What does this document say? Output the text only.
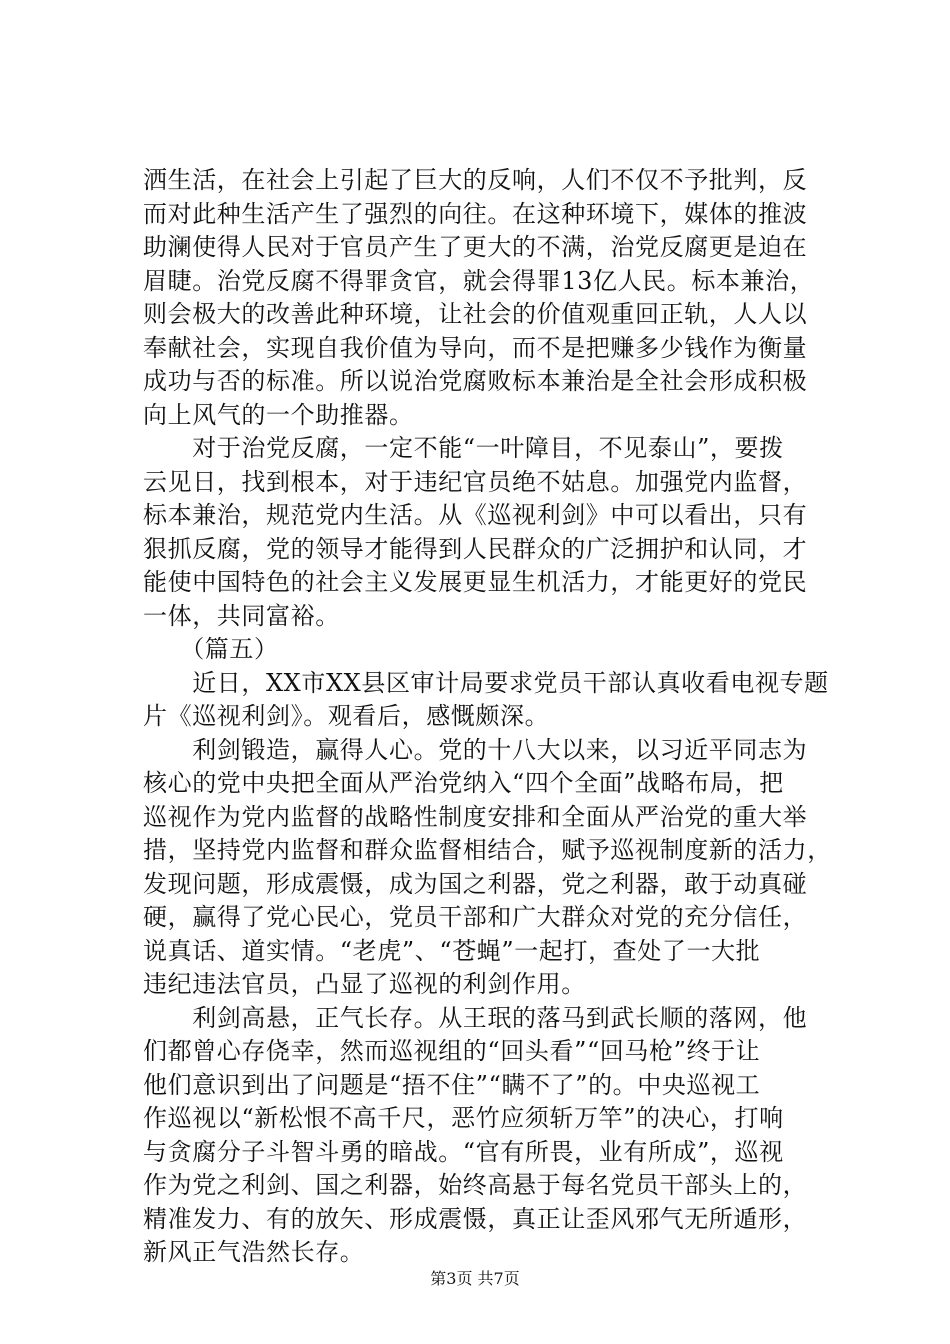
洒生活，在社会上引起了巨大的反响，人们不仅不予批判，反
而对此种生活产生了强烈的向往。在这种环境下，媒体的推波
助澜使得人民对于官员产生了更大的不满，治党反腐更是迫在
眉睫。治党反腐不得罪贪官，就会得罪13亿人民。标本兼治，
则会极大的改善此种环境，让社会的价值观重回正轨，人人以
奉献社会，实现自我价值为导向，而不是把赚多少钱作为衡量
成功与否的标准。所以说治党腐败标本兼治是全社会形成积极
向上风气的一个助推器。
　　对于治党反腐，一定不能“一叶障目，不见泰山”，要拨
云见日，找到根本，对于违纪官员绝不姑息。加强党内监督，
标本兼治，规范党内生活。从《巡视利剑》中可以看出，只有
狠抓反腐，党的领导才能得到人民群众的广泛拥护和认同，才
能使中国特色的社会主义发展更显生机活力，才能更好的党民
一体，共同富裕。
　　（篇五）
　　近日，XX市XX县区审计局要求党员干部认真收看电视专题
片《巡视利剑》。观看后，感慨颇深。
　　利剑锻造，赢得人心。党的十八大以来，以习近平同志为
核心的党中央把全面从严治党纳入“四个全面”战略布局，把
巡视作为党内监督的战略性制度安排和全面从严治党的重大举
措，坚持党内监督和群众监督相结合，赋予巡视制度新的活力，
发现问题，形成震慑，成为国之利器，党之利器，敢于动真碰
硬，赢得了党心民心，党员干部和广大群众对党的充分信任，
说真话、道实情。“老虎”、“苍蝇”一起打，查处了一大批
违纪违法官员，凸显了巡视的利剑作用。
　　利剑高悬，正气长存。从王珉的落马到武长顺的落网，他
们都曾心存侥幸，然而巡视组的“回头看”“回马枪”终于让
他们意识到出了问题是“捂不住”“瞒不了”的。中央巡视工
作巡视以“新松恨不高千尺，恶竹应须斩万竿”的决心，打响
与贪腐分子斗智斗勇的暗战。“官有所畏，业有所成”，巡视
作为党之利剑、国之利器，始终高悬于每名党员干部头上的，
精准发力、有的放矢、形成震慑，真正让歪风邪气无所遁形，
新风正气浩然长存。
第3页 共7页
